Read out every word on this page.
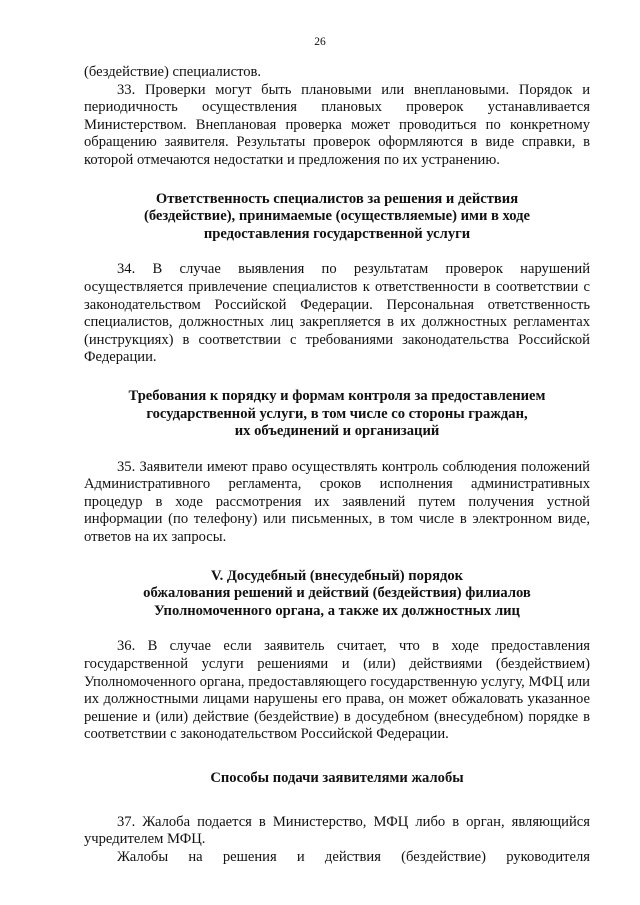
26

(бездействие) специалистов.

33. Проверки могут быть плановыми или внеплановыми. Порядок и периодичность осуществления плановых проверок устанавливается Министерством. Внеплановая проверка может проводиться по конкретному обращению заявителя. Результаты проверок оформляются в виде справки, в которой отмечаются недостатки и предложения по их устранению.

Ответственность специалистов за решения и действия

(бездействие), принимаемые (осуществляемые) ими в ходе

предоставления государственной услуги

34. В случае выявления по результатам проверок нарушений осуществляется привлечение специалистов к ответственности в соответствии с законодательством Российской Федерации. Персональная ответственность специалистов, должностных лиц закрепляется в их должностных регламентах (инструкциях) в соответствии с требованиями законодательства Российской Федерации.

Требования к порядку и формам контроля за предоставлением

государственной услуги, в том числе со стороны граждан,

их объединений и организаций

35. Заявители имеют право осуществлять контроль соблюдения положений Административного регламента, сроков исполнения административных процедур в ходе рассмотрения их заявлений путем получения устной информации (по телефону) или письменных, в том числе в электронном виде, ответов на их запросы.

V. Досудебный (внесудебный) порядок

обжалования решений и действий (бездействия) филиалов

Уполномоченного органа, а также их должностных лиц

36. В случае если заявитель считает, что в ходе предоставления государственной услуги решениями и (или) действиями (бездействием) Уполномоченного органа, предоставляющего государственную услугу, МФЦ или их должностными лицами нарушены его права, он может обжаловать указанное решение и (или) действие (бездействие) в досудебном (внесудебном) порядке в соответствии с законодательством Российской Федерации.

Способы подачи заявителями жалобы

37. Жалоба подается в Министерство, МФЦ либо в орган, являющийся учредителем МФЦ.

Жалобы на решения и действия (бездействие) руководителя
